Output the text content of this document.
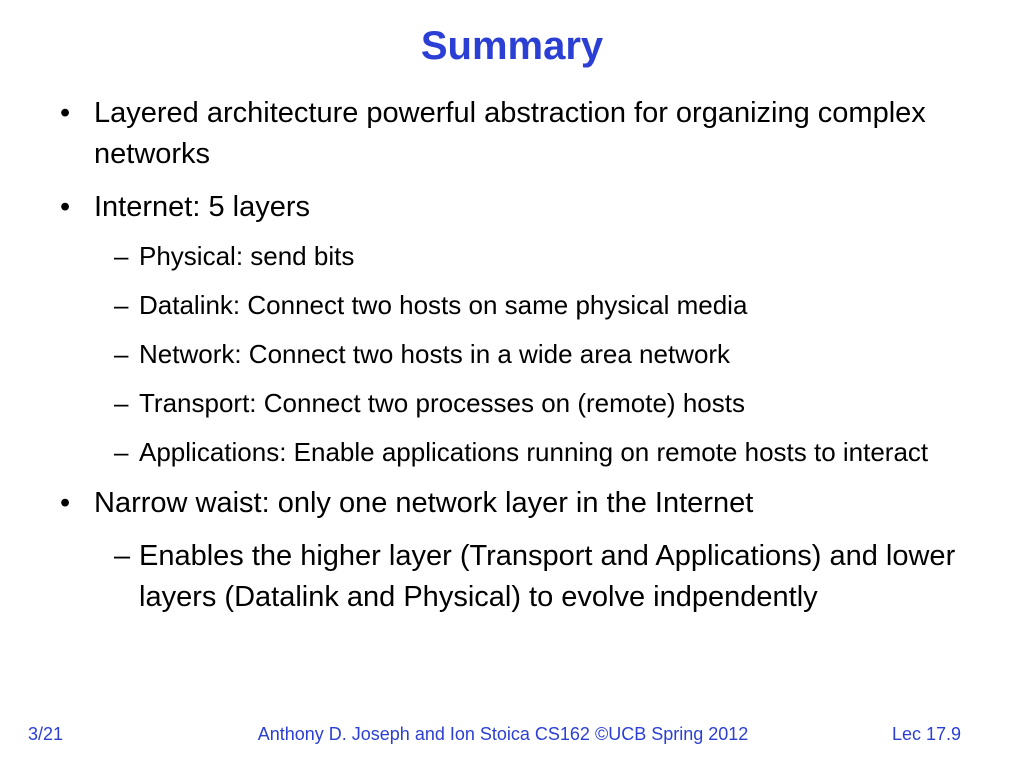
Summary
• Layered architecture powerful abstraction for organizing complex networks
• Internet: 5 layers
– Physical: send bits
– Datalink: Connect two hosts on same physical media
– Network: Connect two hosts in a wide area network
– Transport: Connect two processes on (remote) hosts
– Applications: Enable applications running on remote hosts to interact
• Narrow waist: only one network layer in the Internet
– Enables the higher layer (Transport and Applications) and lower layers (Datalink and Physical) to evolve indpendently
3/21	Anthony D. Joseph and Ion Stoica CS162 ©UCB Spring 2012	Lec 17.9
